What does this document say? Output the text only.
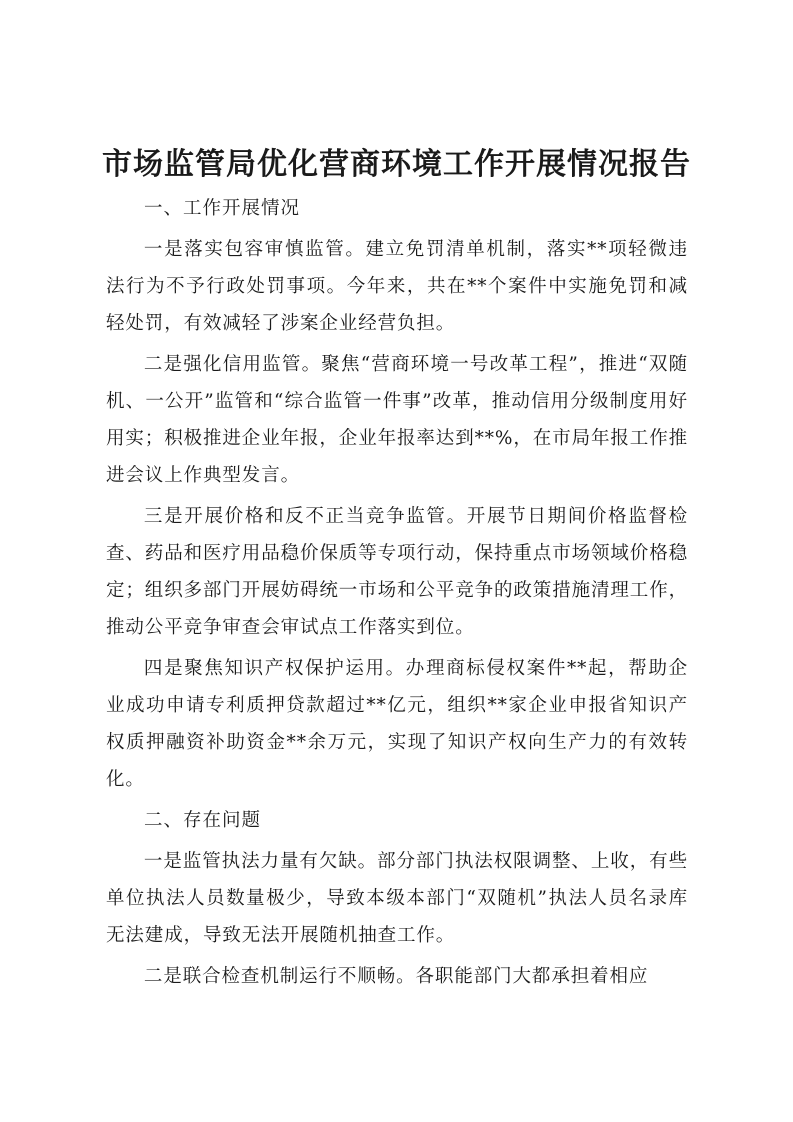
市场监管局优化营商环境工作开展情况报告
一、工作开展情况

一是落实包容审慎监管。建立免罚清单机制，落实**项轻微违法行为不予行政处罚事项。今年来，共在**个案件中实施免罚和减轻处罚，有效减轻了涉案企业经营负担。

二是强化信用监管。聚焦“营商环境一号改革工程”，推进“双随机、一公开”监管和“综合监管一件事”改革，推动信用分级制度用好用实；积极推进企业年报，企业年报率达到**%，在市局年报工作推进会议上作典型发言。

三是开展价格和反不正当竞争监管。开展节日期间价格监督检查、药品和医疗用品稳价保质等专项行动，保持重点市场领域价格稳定；组织多部门开展妨碍统一市场和公平竞争的政策措施清理工作，推动公平竞争审查会审试点工作落实到位。

四是聚焦知识产权保护运用。办理商标侵权案件**起，帮助企业成功申请专利质押贷款超过**亿元，组织**家企业申报省知识产权质押融资补助资金**余万元，实现了知识产权向生产力的有效转化。

二、存在问题

一是监管执法力量有欠缺。部分部门执法权限调整、上收，有些单位执法人员数量极少，导致本级本部门“双随机”执法人员名录库无法建成，导致无法开展随机抽查工作。

二是联合检查机制运行不顺畅。各职能部门大都承担着相应
